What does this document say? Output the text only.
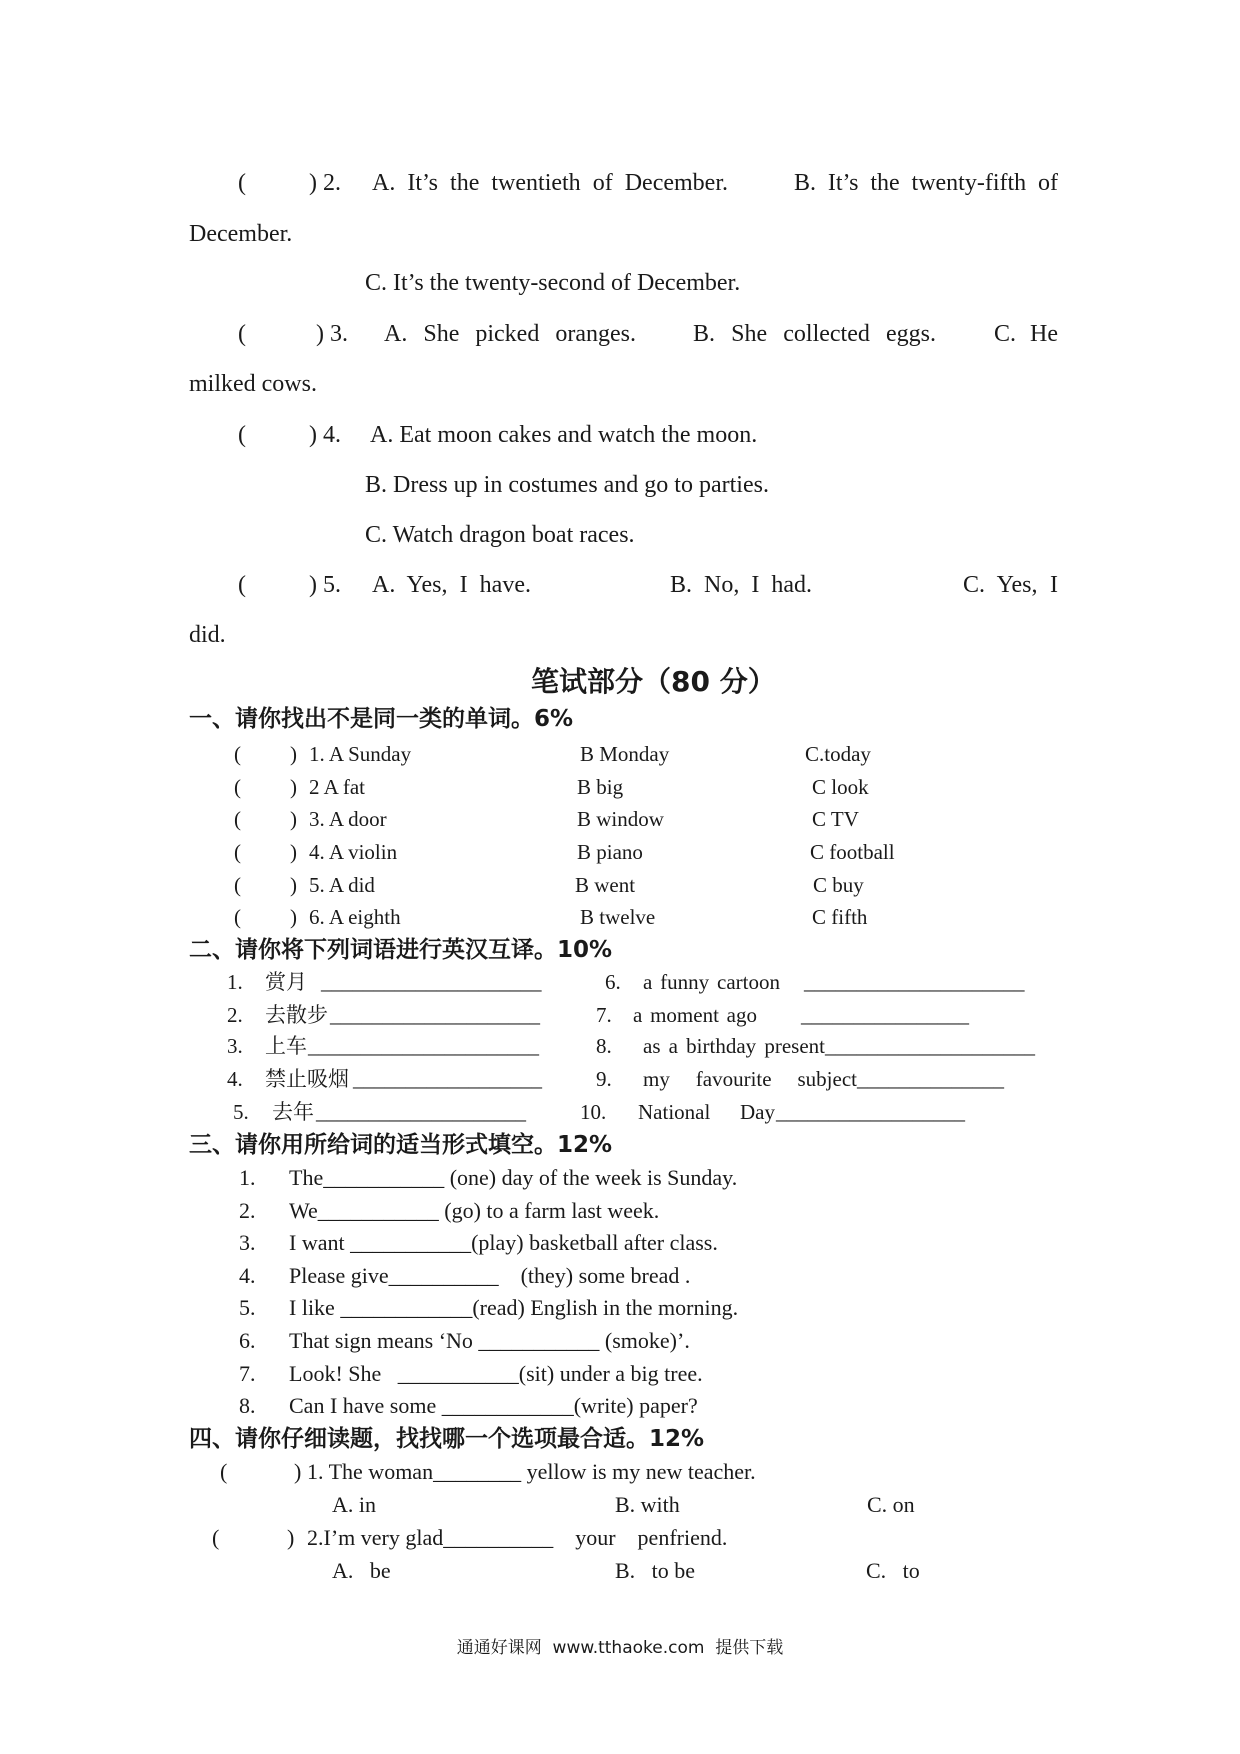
(	) 2. A. It’s the twentieth of December.	B. It’s the twenty-fifth of
December.
C. It’s the twenty-second of December.
(	) 3. A. She picked oranges. B. She collected eggs. C. He
milked cows.
(	) 4. A. Eat moon cakes and watch the moon.
B. Dress up in costumes and go to parties.
C. Watch dragon boat races.
(	) 5. A. Yes, I have.	B. No, I had.	C. Yes, I
did.
笔试部分（80 分）
一、请你找出不是同一类的单词。6%
( ) 1. A Sunday	B Monday	C.today
( ) 2 A fat	B big	C look
( ) 3. A door	B window	C TV
( ) 4. A violin	B piano	C football
( ) 5. A did	B went	C buy
( ) 6. A eighth	B twelve	C fifth
二、请你将下列词语进行英汉互译。10%
1. 赏月 _____________________	6. a funny cartoon _____________________
2. 去散步 ____________________	7. a moment ago ________________
3. 上车 ______________________	8. as a birthday present ____________________
4. 禁止吸烟 __________________	9. my favourite subject ______________
5. 去年 ____________________	10. National Day __________________
三、请你用所给词的适当形式填空。12%
1. The___________ (one) day of the week is Sunday.
2. We___________ (go) to a farm last week.
3. I want ___________(play) basketball after class.
4. Please give__________    (they) some bread .
5. I like ____________(read) English in the morning.
6. That sign means ‘No ___________ (smoke)’.
7. Look! She   ___________(sit) under a big tree.
8. Can I have some ____________(write) paper?
四、请你仔细读题，找找哪一个选项最合适。12%
(	) 1. The woman________ yellow is my new teacher.
A. in	B. with	C. on
(	) 2.I’m very glad__________    your    penfriend.
A.   be	B.   to be	C.   to
通通好课网  www.tthaoke.com  提供下载
